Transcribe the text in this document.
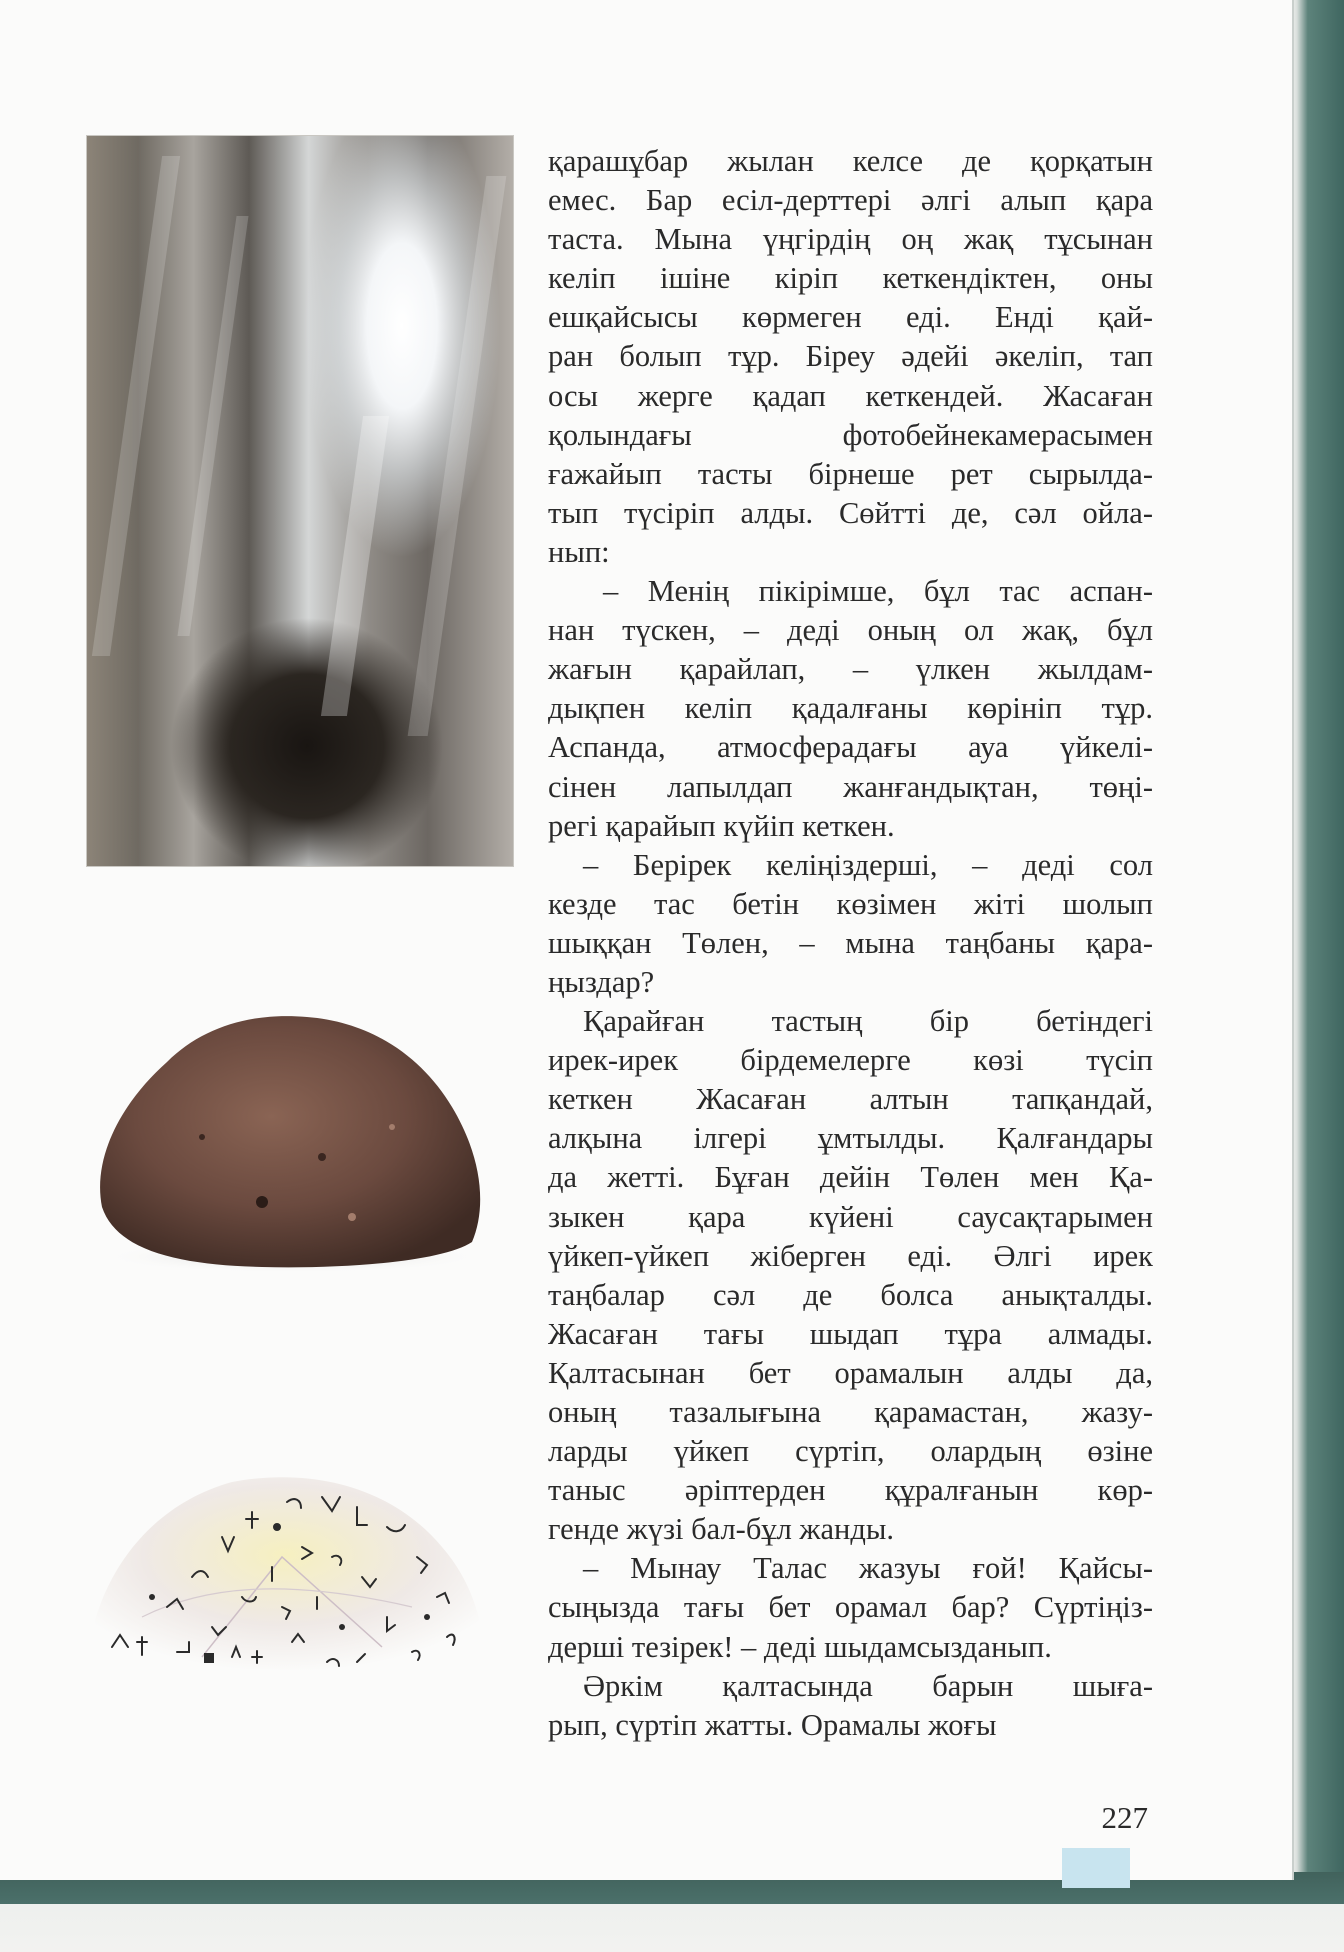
қарашұбар жылан келсе де қорқатын
емес. Бар есіл-дерттері әлгі алып қара
таста. Мына үңгірдің оң жақ тұсынан
келіп ішіне кіріп кеткендіктен, оны
ешқайсысы көрмеген еді. Енді қай-
ран болып тұр. Біреу әдейі әкеліп, тап
осы жерге қадап кеткендей. Жасаған
қолындағы фотобейнекамерасымен
ғажайып тасты бірнеше рет сырылда-
тып түсіріп алды. Сөйтті де, сәл ойла-
нып:
– Менің пікірімше, бұл тас аспан-
нан түскен, – деді оның ол жақ, бұл
жағын қарайлап, – үлкен жылдам-
дықпен келіп қадалғаны көрініп тұр.
Аспанда, атмосферадағы ауа үйкелі-
сінен лапылдап жанғандықтан, төңі-
регі қарайып күйіп кеткен.
– Берірек келіңіздерші, – деді сол
кезде тас бетін көзімен жіті шолып
шыққан Төлен, – мына таңбаны қара-
ңыздар?
Қарайған тастың бір бетіндегі
ирек-ирек бірдемелерге көзі түсіп
кеткен Жасаған алтын тапқандай,
алқына ілгері ұмтылды. Қалғандары
да жетті. Бұған дейін Төлен мен Қа-
зыкен қара күйені саусақтарымен
үйкеп-үйкеп жіберген еді. Әлгі ирек
таңбалар сәл де болса анықталды.
Жасаған тағы шыдап тұра алмады.
Қалтасынан бет орамалын алды да,
оның тазалығына қарамастан, жазу-
ларды үйкеп сүртіп, олардың өзіне
таныс әріптерден құралғанын көр-
генде жүзі бал-бұл жанды.
– Мынау Талас жазуы ғой! Қайсы-
сыңызда тағы бет орамал бар? Сүртіңіз-
дерші тезірек! – деді шыдамсызданып.
Әркім қалтасында барын шыға-
рып, сүртіп жатты. Орамалы жоғы

227
